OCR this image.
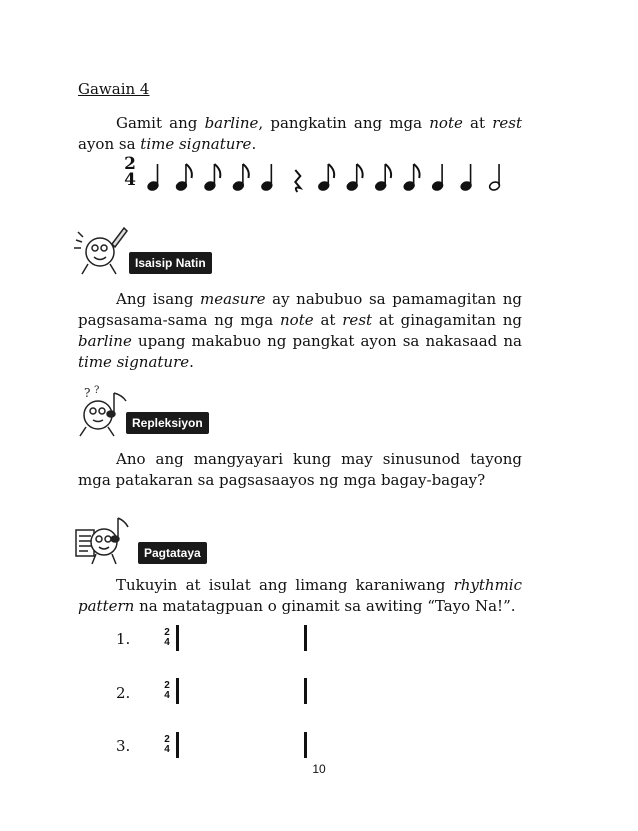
Gawain 4
Gamit ang barline, pangkatin ang mga note at rest ayon sa time signature.
2
4
Isaisip Natin
Ang isang measure ay nabubuo sa pamamagitan ng pagsasama-sama ng mga note at rest at ginagamitan ng barline upang makabuo ng pangkat ayon sa nakasaad na time signature.
? ?
Repleksiyon
Ano ang mangyayari kung may sinusunod tayong mga patakaran sa pagsasaayos ng mga bagay-bagay?
Pagtataya
Tukuyin at isulat ang limang karaniwang rhythmic pattern na matatagpuan o ginamit sa awiting “Tayo Na!”.
1.	2
4
2.	2
4
3.	2
4
10
